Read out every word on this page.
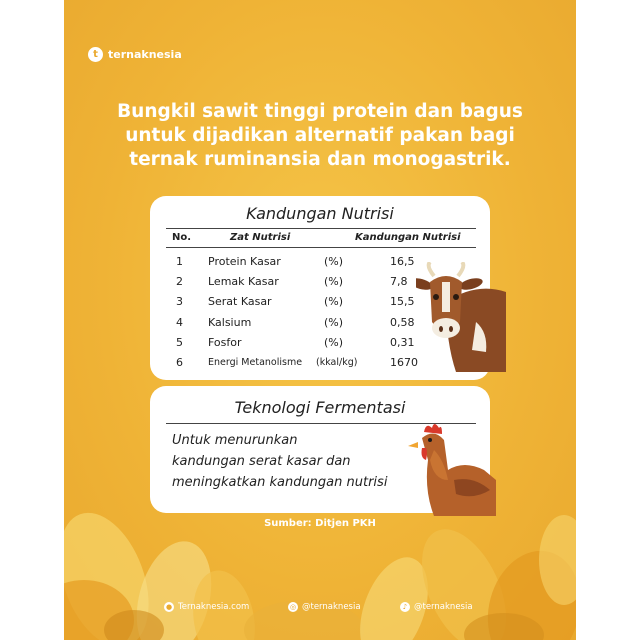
t ternaknesia

Bungkil sawit tinggi protein dan bagus
untuk dijadikan alternatif pakan bagi
ternak ruminansia dan monogastrik.

Kandungan Nutrisi
No.	Zat Nutrisi	Kandungan Nutrisi
1 Protein Kasar	(%)	16,5
2 Lemak Kasar	(%)	7,8
3 Serat Kasar	(%)	15,5
4 Kalsium	(%)	0,58
5 Fosfor	(%)	0,31
6	Energi Metanolisme (kkal/kg)	1670
Teknologi Fermentasi

Untuk menurunkan
kandungan serat kasar dan
meningkatkan kandungan nutrisi

Sumber: Ditjen PKH
● Ternaknesia.com	◎ @ternaknesia	♪ @ternaknesia
